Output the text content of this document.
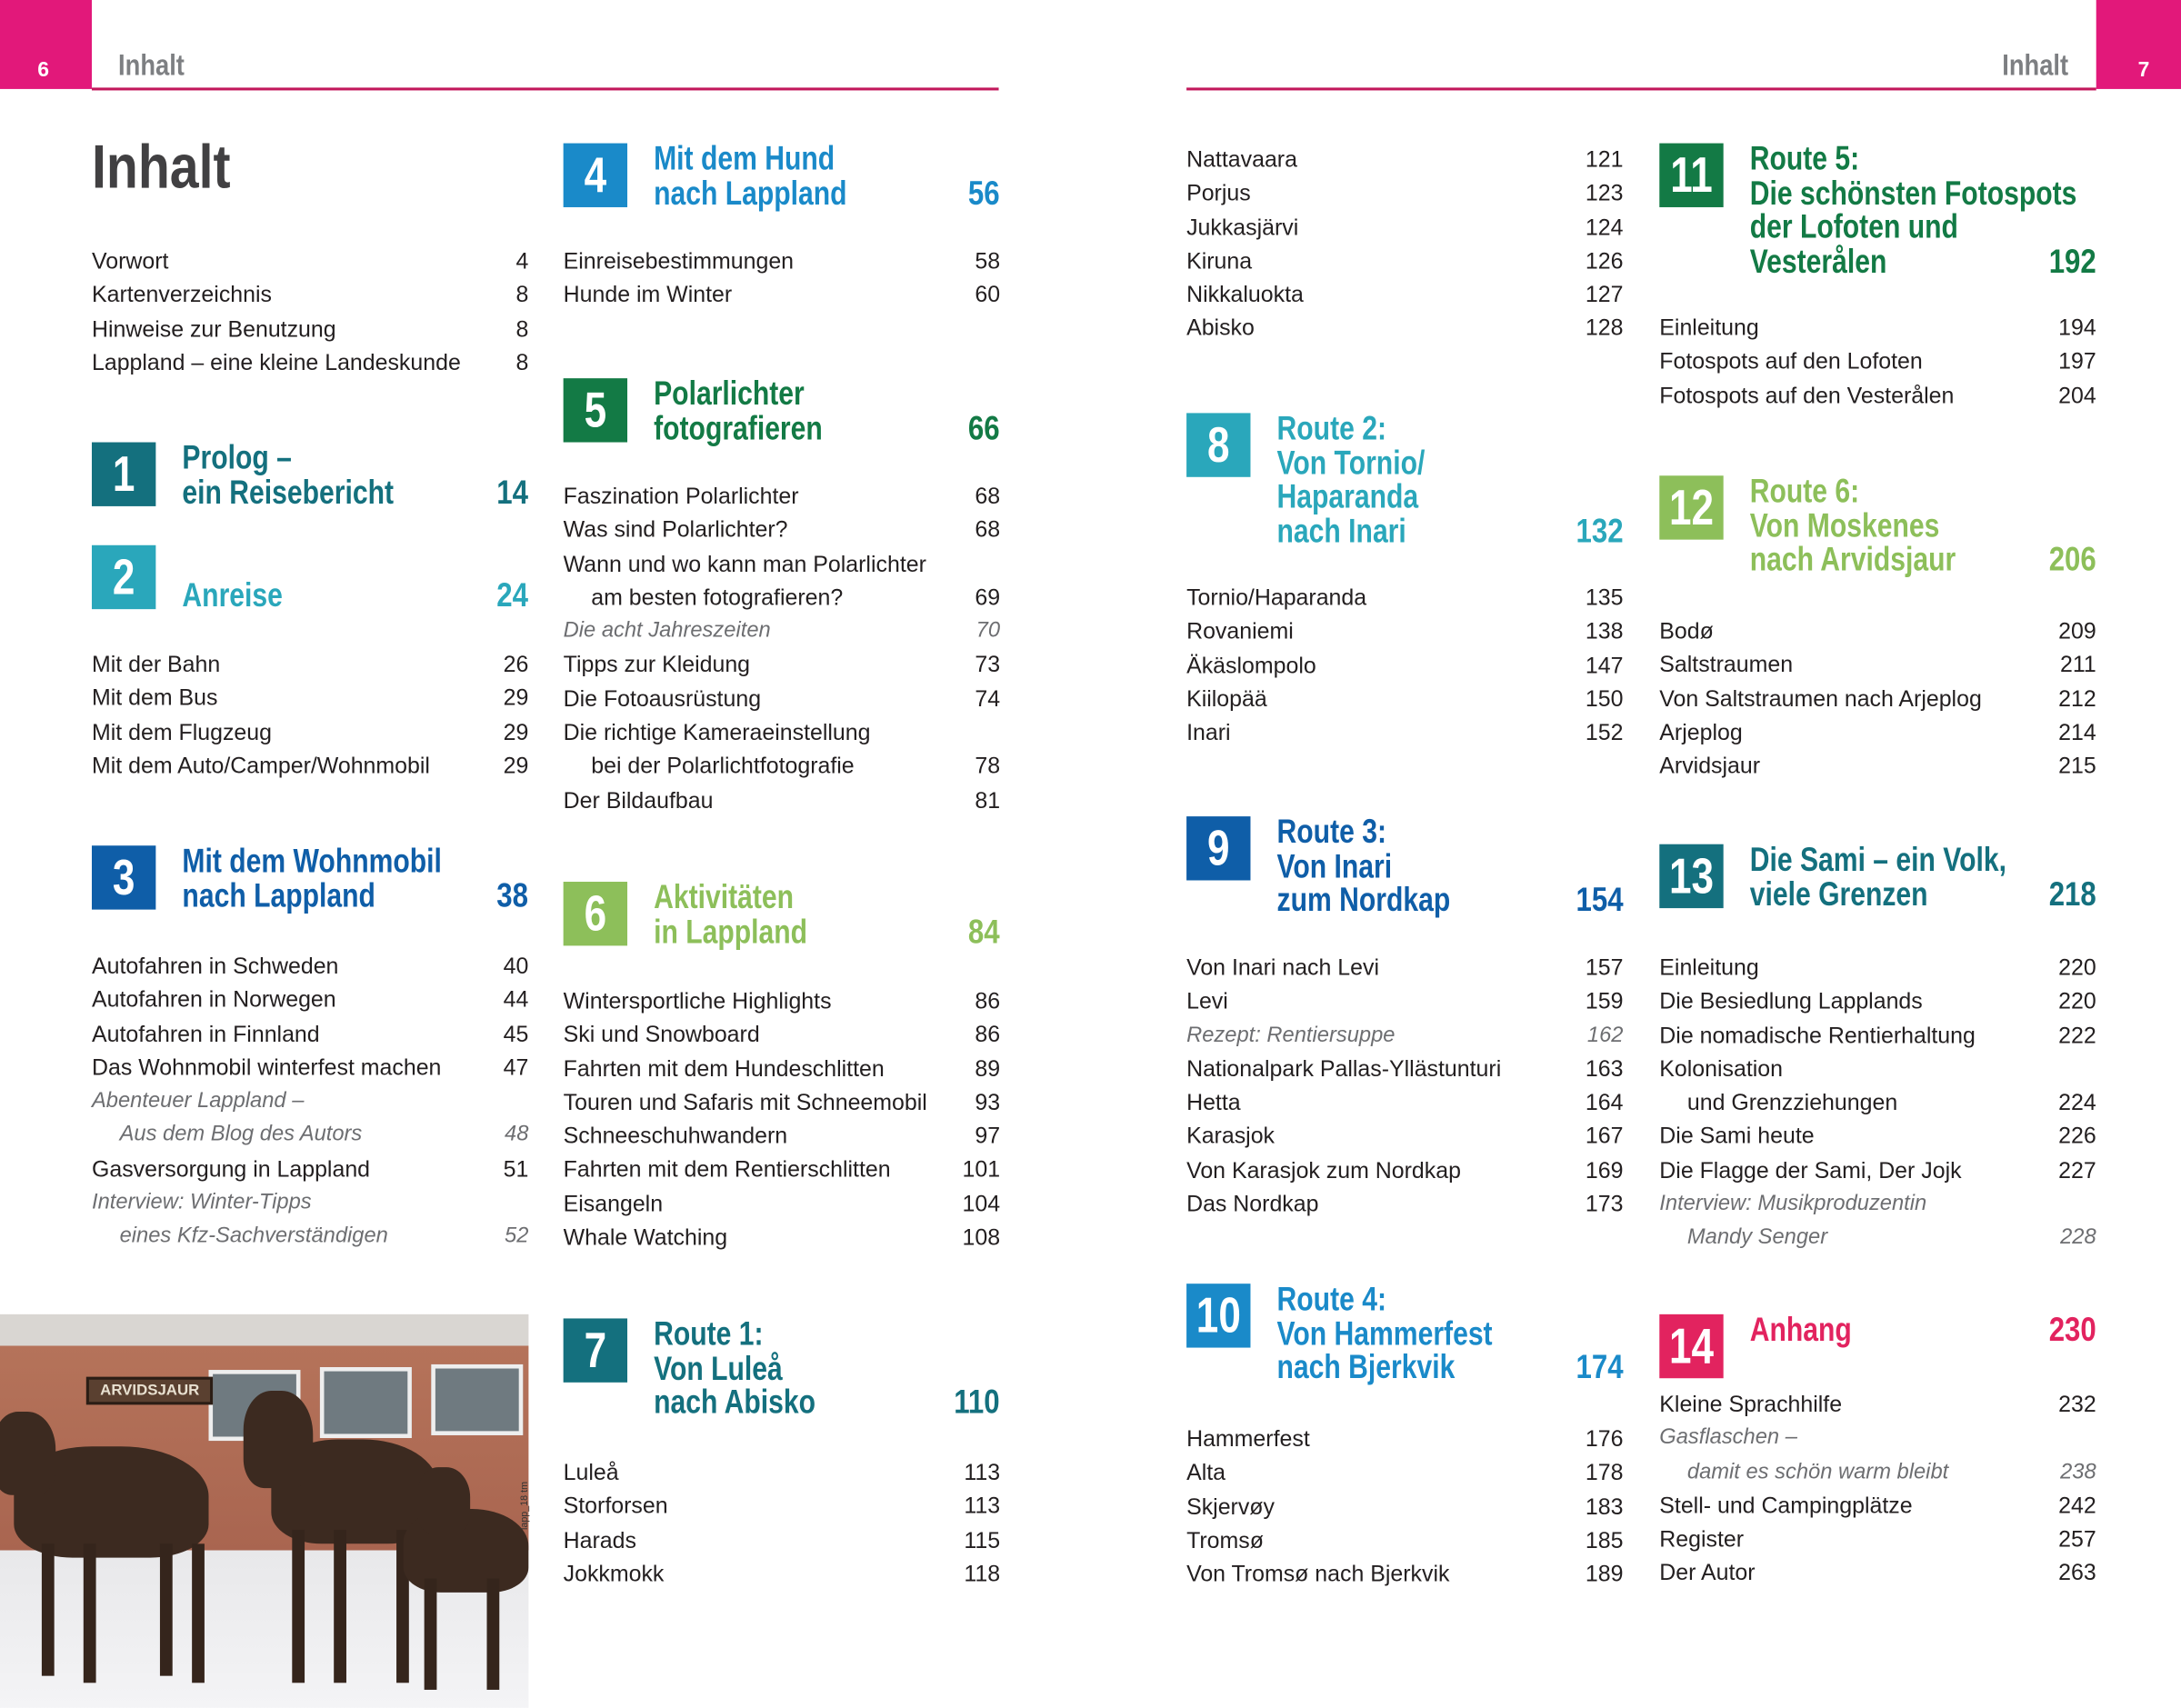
6	Inhalt	7
Inhalt
Inhalt
ARVIDSJAUR
lapp_18 tm
Vorwort	4
Kartenverzeichnis	8
Hinweise zur Benutzung	8
Lappland – eine kleine Landeskunde	8
1	Prolog –
ein Reisebericht	14
2	Anreise	24
Mit der Bahn	26
Mit dem Bus	29
Mit dem Flugzeug	29
Mit dem Auto/Camper/Wohnmobil	29
3	Mit dem Wohnmobil
nach Lappland	38
Autofahren in Schweden	40
Autofahren in Norwegen	44
Autofahren in Finnland	45
Das Wohnmobil winterfest machen	47
Abenteuer Lappland –
Aus dem Blog des Autors	48
Gasversorgung in Lappland	51
Interview: Winter-Tipps
eines Kfz-Sachverständigen	52
4	Mit dem Hund
nach Lappland	56
Einreisebestimmungen	58
Hunde im Winter	60
5	Polarlichter
fotografieren	66
Faszination Polarlichter	68
Was sind Polarlichter?	68
Wann und wo kann man Polarlichter
am besten fotografieren?	69
Die acht Jahreszeiten	70
Tipps zur Kleidung	73
Die Fotoausrüstung	74
Die richtige Kameraeinstellung
bei der Polarlichtfotografie	78
Der Bildaufbau	81
6	Aktivitäten
in Lappland	84
Wintersportliche Highlights	86
Ski und Snowboard	86
Fahrten mit dem Hundeschlitten	89
Touren und Safaris mit Schneemobil	93
Schneeschuhwandern	97
Fahrten mit dem Rentierschlitten	101
Eisangeln	104
Whale Watching	108
7	Route 1:
Von Luleå
nach Abisko	110
Luleå	113
Storforsen	113
Harads	115
Jokkmokk	118
Nattavaara	121
Porjus	123
Jukkasjärvi	124
Kiruna	126
Nikkaluokta	127
Abisko	128
8	Route 2:
Von Tornio/
Haparanda
nach Inari	132
Tornio/Haparanda	135
Rovaniemi	138
Äkäslompolo	147
Kiilopää	150
Inari	152
9	Route 3:
Von Inari
zum Nordkap	154
Von Inari nach Levi	157
Levi	159
Rezept: Rentiersuppe	162
Nationalpark Pallas-Yllästunturi	163
Hetta	164
Karasjok	167
Von Karasjok zum Nordkap	169
Das Nordkap	173
10	Route 4:
Von Hammerfest
nach Bjerkvik	174
Hammerfest	176
Alta	178
Skjervøy	183
Tromsø	185
Von Tromsø nach Bjerkvik	189
11	Route 5:
Die schönsten Fotospots
der Lofoten und
Vesterålen	192
Einleitung	194
Fotospots auf den Lofoten	197
Fotospots auf den Vesterålen	204
12	Route 6:
Von Moskenes
nach Arvidsjaur	206
Bodø	209
Saltstraumen	211
Von Saltstraumen nach Arjeplog	212
Arjeplog	214
Arvidsjaur	215
13	Die Sami – ein Volk,
viele Grenzen	218
Einleitung	220
Die Besiedlung Lapplands	220
Die nomadische Rentierhaltung	222
Kolonisation
und Grenzziehungen	224
Die Sami heute	226
Die Flagge der Sami, Der Jojk	227
Interview: Musikproduzentin
Mandy Senger	228
14	Anhang	230
Kleine Sprachhilfe	232
Gasflaschen –
damit es schön warm bleibt	238
Stell- und Campingplätze	242
Register	257
Der Autor	263
